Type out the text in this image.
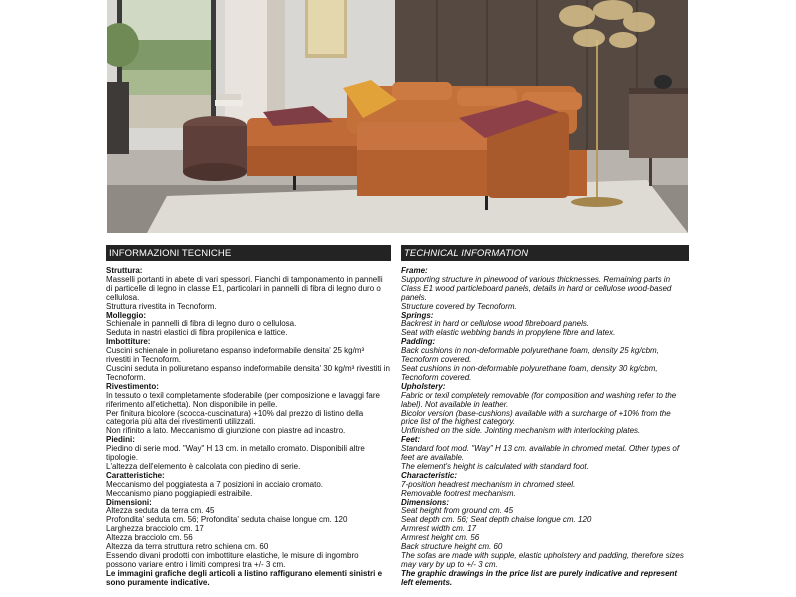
INFORMAZIONI TECNICHE
Struttura:

Masselli portanti in abete di vari spessori. Fianchi di tamponamento in pannelli di particelle di legno in classe E1, particolari in pannelli di fibra di legno duro o cellulosa.

Struttura rivestita in Tecnoform.

Molleggio:

Schienale in pannelli di fibra di legno duro o cellulosa.

Seduta in nastri elastici di fibra propilenica e lattice.

Imbottiture:

Cuscini schienale in poliuretano espanso indeformabile densita' 25 kg/m³ rivestiti in Tecnoform.

Cuscini seduta in poliuretano espanso indeformabile densita' 30 kg/m³ rivestiti in Tecnoform.

Rivestimento:

In tessuto o texil completamente sfoderabile (per composizione e lavaggi fare riferimento all'etichetta). Non disponibile in pelle.

Per finitura bicolore (scocca-cuscinatura) +10% dal prezzo di listino della categoria più alta dei rivestimenti utilizzati.

Non rifinito a lato. Meccanismo di giunzione con piastre ad incastro.

Piedini:

Piedino di serie mod. "Way" H 13 cm. in metallo cromato. Disponibili altre tipologie.

L'altezza dell'elemento è calcolata con piedino di serie.

Caratteristiche:

Meccanismo del poggiatesta a 7 posizioni in acciaio cromato.

Meccanismo piano poggiapiedi estraibile.

Dimensioni:

Altezza seduta da terra cm. 45

Profondita' seduta cm. 56; Profondita' seduta chaise longue cm. 120

Larghezza bracciolo cm. 17

Altezza bracciolo cm. 56

Altezza da terra struttura retro schiena cm. 60

Essendo divani prodotti con imbottiture elastiche, le misure di ingombro possono variare entro i limiti compresi tra +/- 3 cm.

Le immagini grafiche degli articoli a listino raffigurano elementi sinistri e sono puramente indicative.

TECHNICAL INFORMATION
Frame:

Supporting structure in pinewood of various thicknesses. Remaining parts in Class E1 wood particleboard panels, details in hard or cellulose wood-based panels.

Structure covered by Tecnoform.

Springs:

Backrest in hard or cellulose wood fibreboard panels.

Seat with elastic webbing bands in propylene fibre and latex.

Padding:

Back cushions in non-deformable polyurethane foam, density 25 kg/cbm, Tecnoform covered.

Seat cushions in non-deformable polyurethane foam, density 30 kg/cbm, Tecnoform covered.

Upholstery:

Fabric or texil completely removable (for composition and washing refer to the label). Not available in leather.

Bicolor version (base-cushions) available with a surcharge of +10% from the price list of the highest category.

Unfinished on the side. Jointing mechanism with interlocking plates.

Feet:

Standard foot mod. "Way" H 13 cm. available in chromed metal. Other types of feet are available.

The element's height is calculated with standard foot.

Characteristic:

7-position headrest mechanism in chromed steel.

Removable footrest mechanism.

Dimensions:

Seat height from ground cm. 45

Seat depth cm. 56; Seat depth chaise longue cm. 120

Armrest width cm. 17

Armrest height cm. 56

Back structure height cm. 60

The sofas are made with supple, elastic upholstery and padding, therefore sizes may vary by up to +/- 3 cm.

The graphic drawings in the price list are purely indicative and represent left elements.
